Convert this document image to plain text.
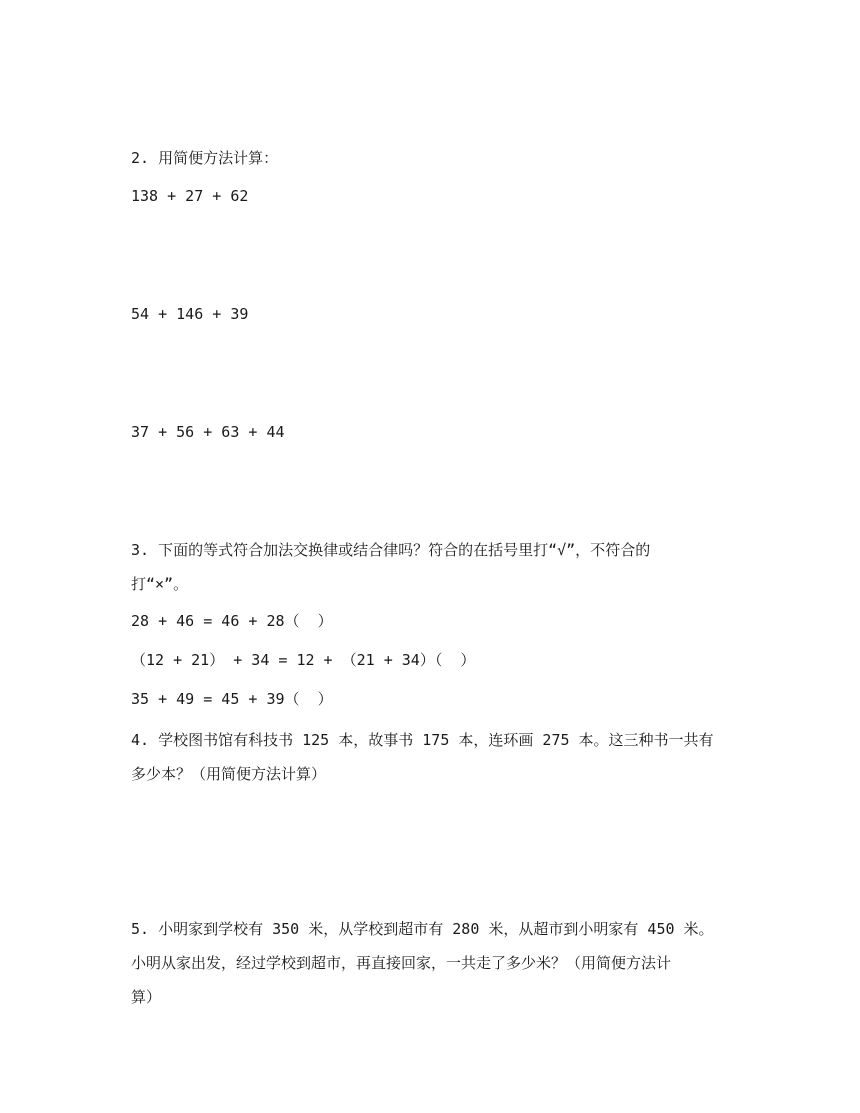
2. 用简便方法计算：

138 + 27 + 62

54 + 146 + 39

37 + 56 + 63 + 44

3. 下面的等式符合加法交换律或结合律吗？符合的在括号里打“√”，不符合的

打“×”。

28 + 46 = 46 + 28（  ）

（12 + 21） + 34 = 12 + （21 + 34）（  ）

35 + 49 = 45 + 39（  ）

4. 学校图书馆有科技书 125 本，故事书 175 本，连环画 275 本。这三种书一共有

多少本？（用简便方法计算）

5. 小明家到学校有 350 米，从学校到超市有 280 米，从超市到小明家有 450 米。

小明从家出发，经过学校到超市，再直接回家，一共走了多少米？（用简便方法计

算）
